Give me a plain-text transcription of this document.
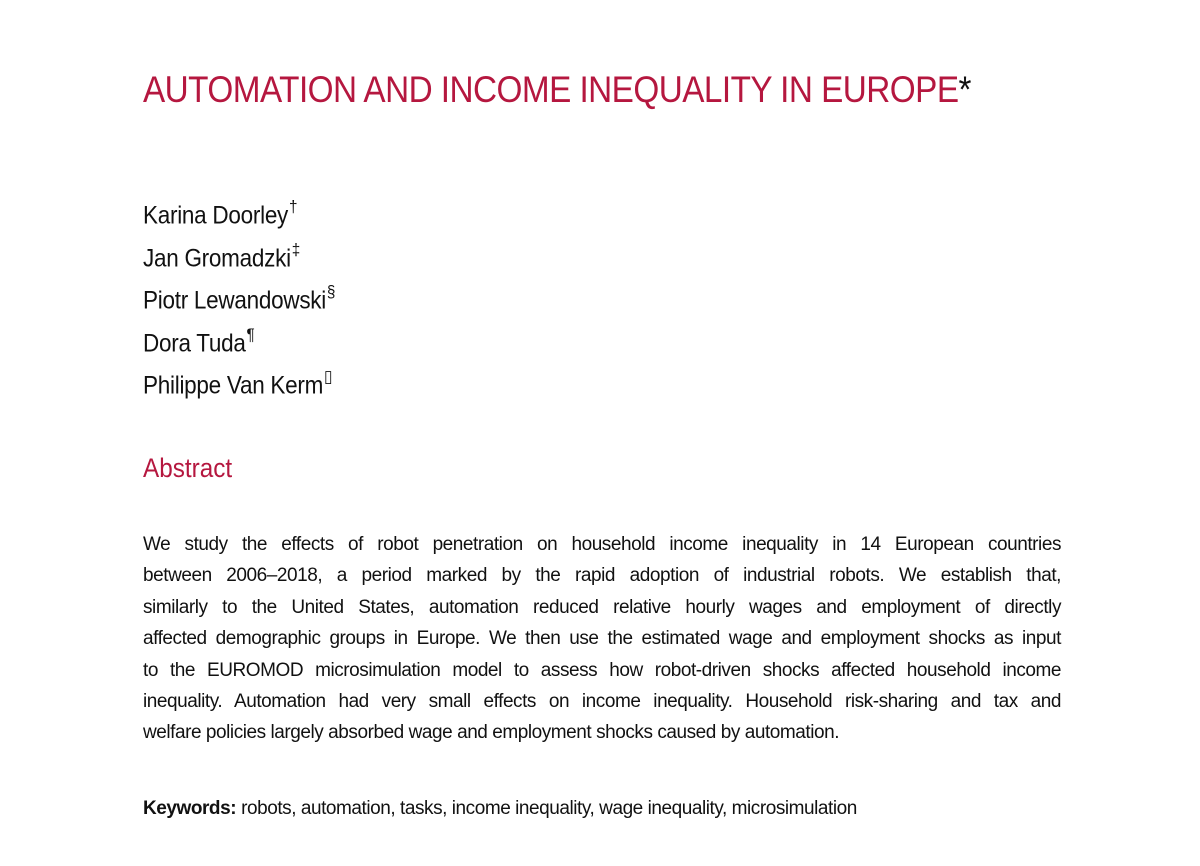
AUTOMATION AND INCOME INEQUALITY IN EUROPE*
Karina Doorley†
Jan Gromadzki‡
Piotr Lewandowski§
Dora Tuda¶
Philippe Van Kerm▯
Abstract
We study the effects of robot penetration on household income inequality in 14 European countries
between 2006–2018, a period marked by the rapid adoption of industrial robots. We establish that,
similarly to the United States, automation reduced relative hourly wages and employment of directly
affected demographic groups in Europe. We then use the estimated wage and employment shocks as input
to the EUROMOD microsimulation model to assess how robot-driven shocks affected household income
inequality. Automation had very small effects on income inequality. Household risk-sharing and tax and
welfare policies largely absorbed wage and employment shocks caused by automation.

Keywords: robots, automation, tasks, income inequality, wage inequality, microsimulation
